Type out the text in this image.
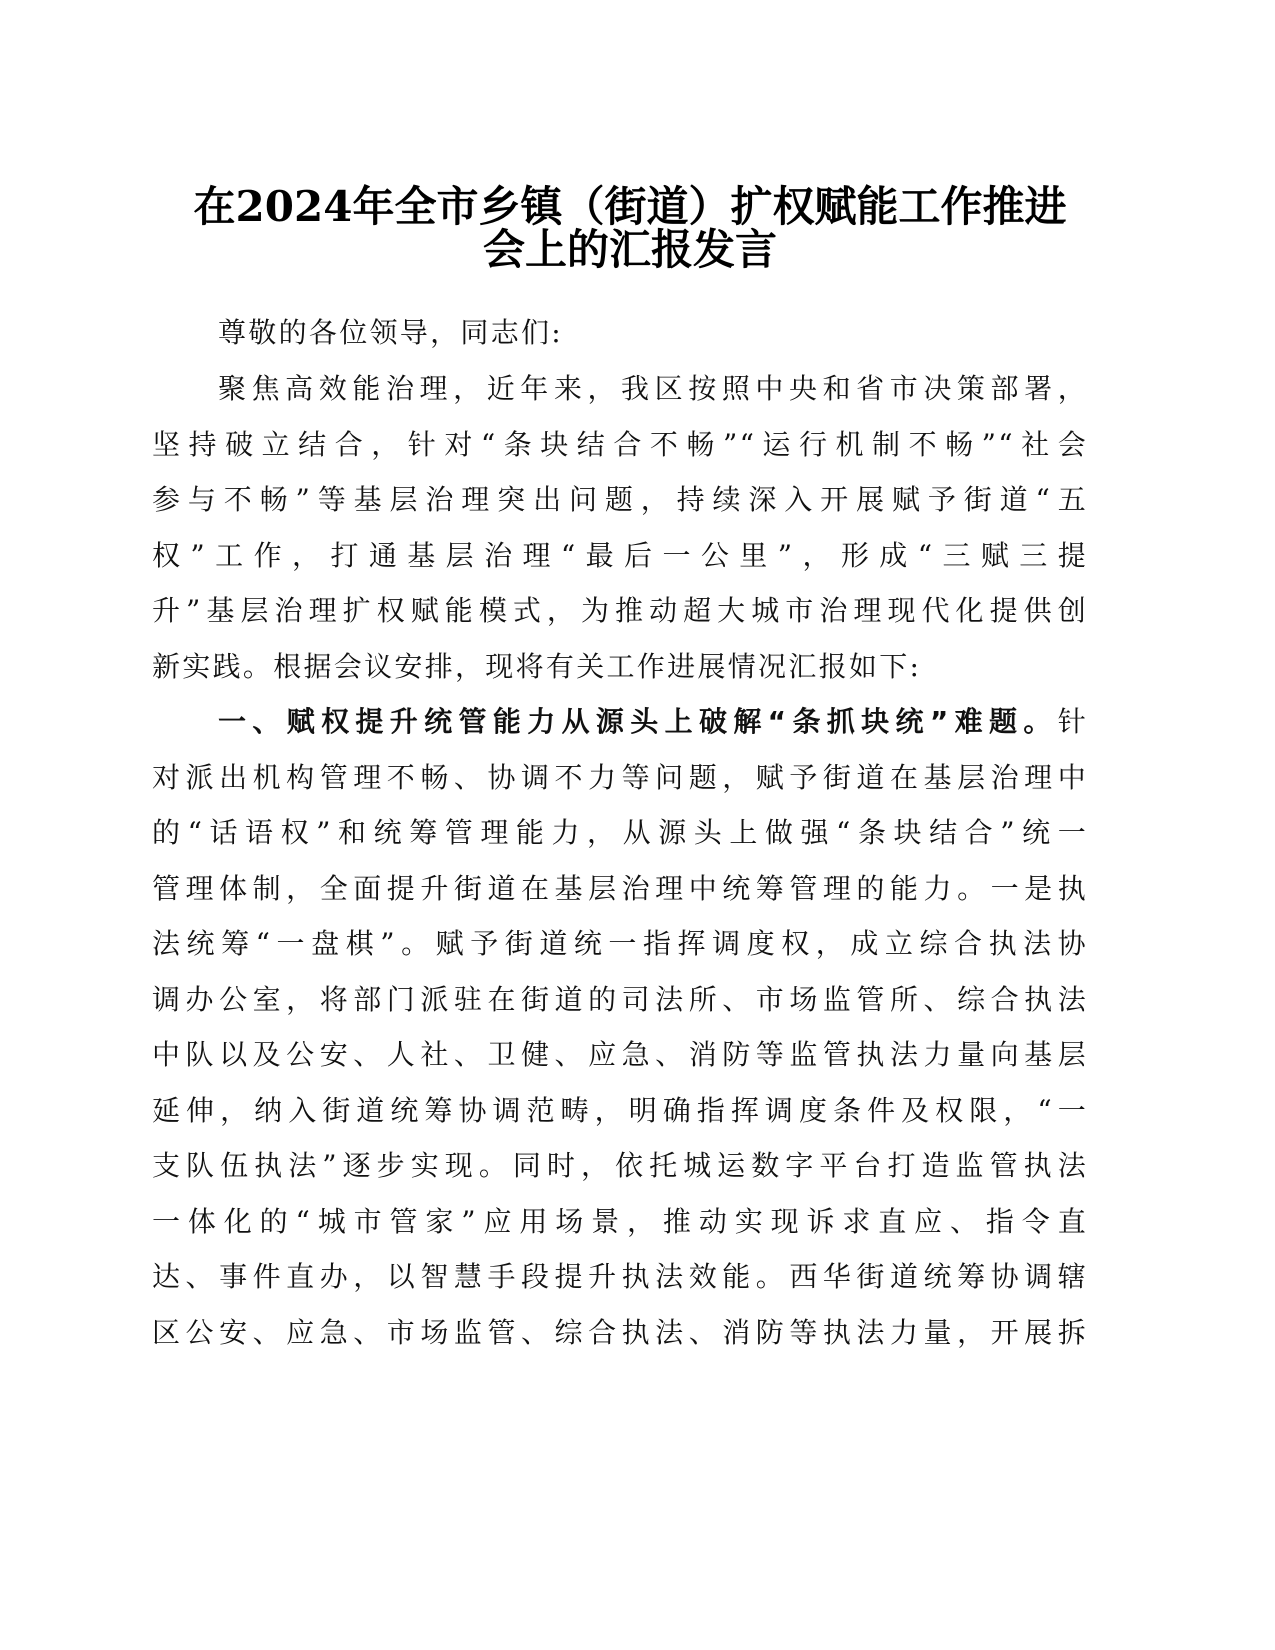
在2024年全市乡镇（街道）扩权赋能工作推进
会上的汇报发言
尊敬的各位领导，同志们:
聚焦高效能治理，近年来，我区按照中央和省市决策部署，
坚持破立结合，针对“条块结合不畅”“运行机制不畅”“社会
参与不畅”等基层治理突出问题，持续深入开展赋予街道“五
权”工作，打通基层治理“最后一公里”，形成“三赋三提
升”基层治理扩权赋能模式，为推动超大城市治理现代化提供创
新实践。根据会议安排，现将有关工作进展情况汇报如下:
一、赋权提升统管能力从源头上破解“条抓块统”难题。针
对派出机构管理不畅、协调不力等问题，赋予街道在基层治理中
的“话语权”和统筹管理能力，从源头上做强“条块结合”统一
管理体制，全面提升街道在基层治理中统筹管理的能力。一是执
法统筹“一盘棋”。赋予街道统一指挥调度权，成立综合执法协
调办公室，将部门派驻在街道的司法所、市场监管所、综合执法
中队以及公安、人社、卫健、应急、消防等监管执法力量向基层
延伸，纳入街道统筹协调范畴，明确指挥调度条件及权限，“一
支队伍执法”逐步实现。同时，依托城运数字平台打造监管执法
一体化的“城市管家”应用场景，推动实现诉求直应、指令直
达、事件直办，以智慧手段提升执法效能。西华街道统筹协调辖
区公安、应急、市场监管、综合执法、消防等执法力量，开展拆
